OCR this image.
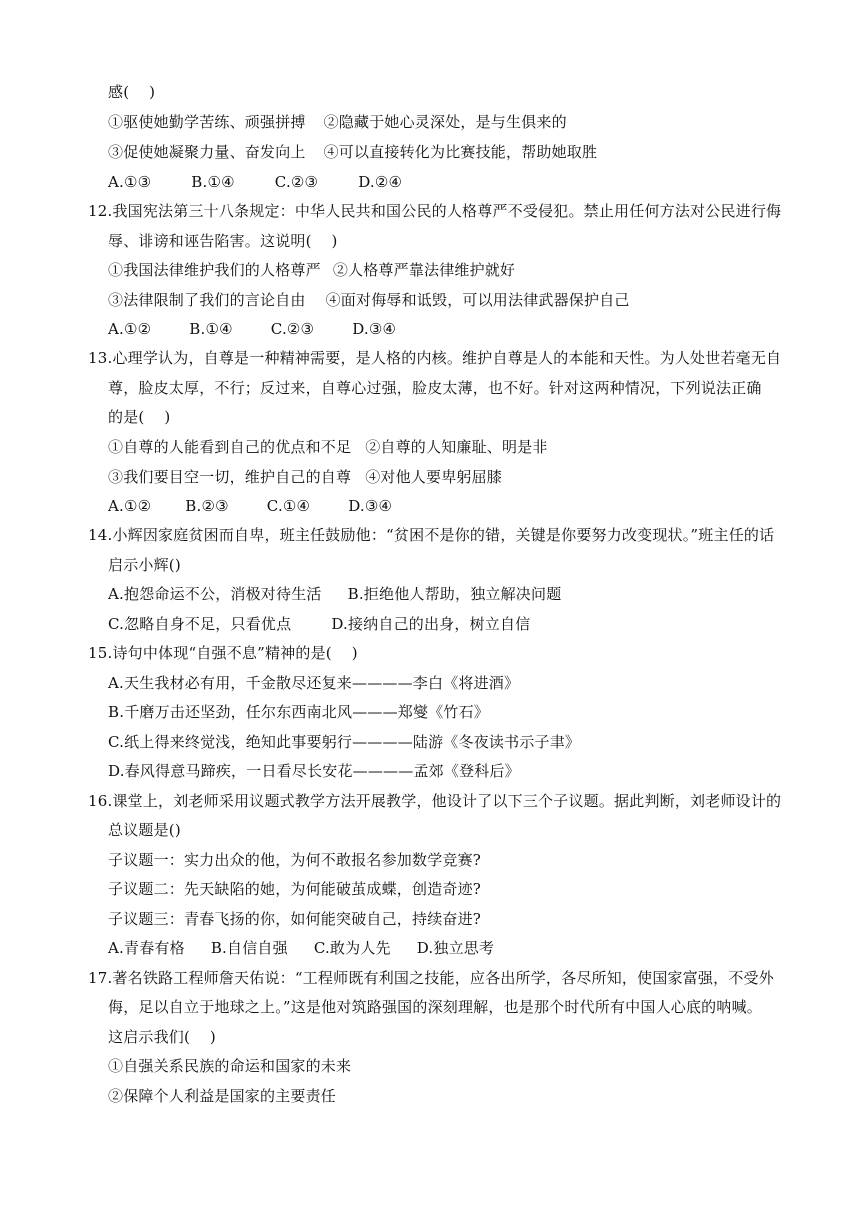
感(    )
①驱使她勤学苦练、顽强拼搏 ②隐藏于她心灵深处，是与生俱来的
③促使她凝聚力量、奋发向上 ④可以直接转化为比赛技能，帮助她取胜
A.①③	B.①④	C.②③	D.②④
12.我国宪法第三十八条规定：中华人民共和国公民的人格尊严不受侵犯。禁止用任何方法对公民进行侮
辱、诽谤和诬告陷害。这说明(    )
①我国法律维护我们的人格尊严 ②人格尊严靠法律维护就好
③法律限制了我们的言论自由 ④面对侮辱和诋毁，可以用法律武器保护自己
A.①②	B.①④	C.②③	D.③④
13.心理学认为，自尊是一种精神需要，是人格的内核。维护自尊是人的本能和天性。为人处世若毫无自
尊，脸皮太厚，不行；反过来，自尊心过强，脸皮太薄，也不好。针对这两种情况，下列说法正确
的是(    )
①自尊的人能看到自己的优点和不足 ②自尊的人知廉耻、明是非
③我们要目空一切，维护自己的自尊 ④对他人要卑躬屈膝
A.①② B.②③	C.①④	D.③④
14.小辉因家庭贫困而自卑，班主任鼓励他：“贫困不是你的错，关键是你要努力改变现状。”班主任的话
启示小辉()
A.抱怨命运不公，消极对待生活 B.拒绝他人帮助，独立解决问题
C.忽略自身不足，只看优点	D.接纳自己的出身，树立自信
15.诗句中体现“自强不息”精神的是(    )
A.天生我材必有用，千金散尽还复来————李白《将进酒》
B.千磨万击还坚劲，任尔东西南北风———郑燮《竹石》
C.纸上得来终觉浅，绝知此事要躬行————陆游《冬夜读书示子聿》
D.春风得意马蹄疾，一日看尽长安花————孟郊《登科后》
16.课堂上，刘老师采用议题式教学方法开展教学，他设计了以下三个子议题。据此判断，刘老师设计的
总议题是()
子议题一：实力出众的他，为何不敢报名参加数学竞赛?
子议题二：先天缺陷的她，为何能破茧成蝶，创造奇迹?
子议题三：青春飞扬的你，如何能突破自己，持续奋进?
A.青春有格 B.自信自强 C.敢为人先 D.独立思考
17.著名铁路工程师詹天佑说：“工程师既有利国之技能，应各出所学，各尽所知，使国家富强，不受外
侮，足以自立于地球之上。”这是他对筑路强国的深刻理解，也是那个时代所有中国人心底的呐喊。
这启示我们(    )
①自强关系民族的命运和国家的未来
②保障个人利益是国家的主要责任
